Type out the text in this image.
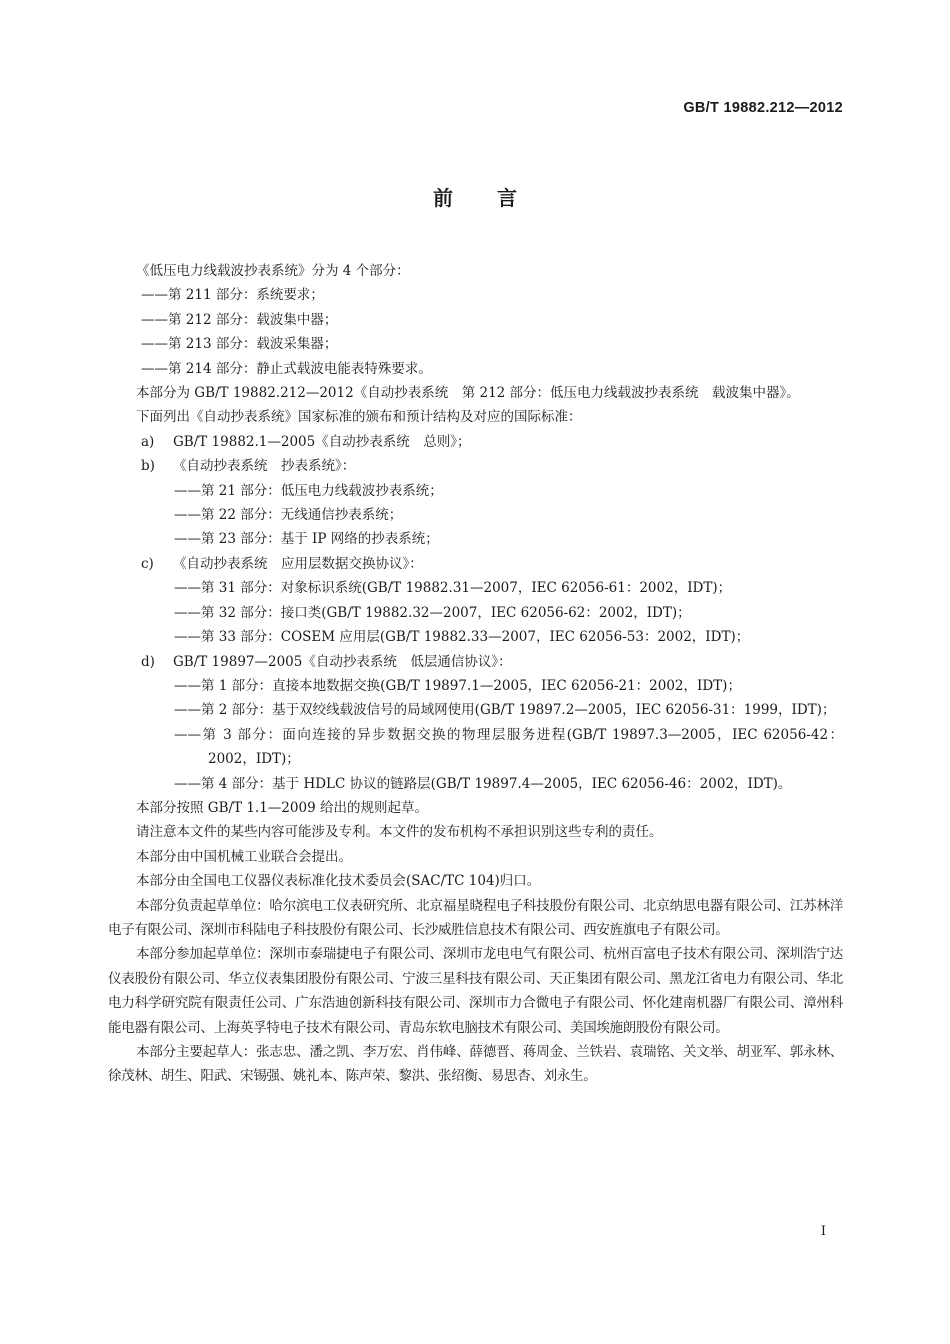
GB/T 19882.212—2012
前言

《低压电力线载波抄表系统》分为 4 个部分：

——第 211 部分：系统要求；

——第 212 部分：载波集中器；

——第 213 部分：载波采集器；

——第 214 部分：静止式载波电能表特殊要求。

本部分为 GB/T 19882.212—2012《自动抄表系统　第 212 部分：低压电力线载波抄表系统　载波集中器》。

下面列出《自动抄表系统》国家标准的颁布和预计结构及对应的国际标准：

a) GB/T 19882.1—2005《自动抄表系统　总则》；

b) 《自动抄表系统　抄表系统》：

——第 21 部分：低压电力线载波抄表系统；

——第 22 部分：无线通信抄表系统；

——第 23 部分：基于 IP 网络的抄表系统；

c) 《自动抄表系统　应用层数据交换协议》：

——第 31 部分：对象标识系统(GB/T 19882.31—2007，IEC 62056-61：2002，IDT)；

——第 32 部分：接口类(GB/T 19882.32—2007，IEC 62056-62：2002，IDT)；

——第 33 部分：COSEM 应用层(GB/T 19882.33—2007，IEC 62056-53：2002，IDT)；

d) GB/T 19897—2005《自动抄表系统　低层通信协议》：

——第 1 部分：直接本地数据交换(GB/T 19897.1—2005，IEC 62056-21：2002，IDT)；

——第 2 部分：基于双绞线载波信号的局域网使用(GB/T 19897.2—2005，IEC 62056-31：1999，IDT)；

——第 3 部分：面向连接的异步数据交换的物理层服务进程(GB/T 19897.3—2005，IEC 62056-42：2002，IDT)；

——第 4 部分：基于 HDLC 协议的链路层(GB/T 19897.4—2005，IEC 62056-46：2002，IDT)。

本部分按照 GB/T 1.1—2009 给出的规则起草。

请注意本文件的某些内容可能涉及专利。本文件的发布机构不承担识别这些专利的责任。

本部分由中国机械工业联合会提出。

本部分由全国电工仪器仪表标准化技术委员会(SAC/TC 104)归口。

本部分负责起草单位：哈尔滨电工仪表研究所、北京福星晓程电子科技股份有限公司、北京纳思电器有限公司、江苏林洋电子有限公司、深圳市科陆电子科技股份有限公司、长沙威胜信息技术有限公司、西安旌旗电子有限公司。

本部分参加起草单位：深圳市泰瑞捷电子有限公司、深圳市龙电电气有限公司、杭州百富电子技术有限公司、深圳浩宁达仪表股份有限公司、华立仪表集团股份有限公司、宁波三星科技有限公司、天正集团有限公司、黑龙江省电力有限公司、华北电力科学研究院有限责任公司、广东浩迪创新科技有限公司、深圳市力合微电子有限公司、怀化建南机器厂有限公司、漳州科能电器有限公司、上海英孚特电子技术有限公司、青岛东软电脑技术有限公司、美国埃施朗股份有限公司。

本部分主要起草人：张志忠、潘之凯、李万宏、肖伟峰、薛德晋、蒋周金、兰铁岩、袁瑞铭、关文举、胡亚军、郭永林、徐茂林、胡生、阳武、宋锡强、姚礼本、陈声荣、黎洪、张绍衡、易思杏、刘永生。

I
